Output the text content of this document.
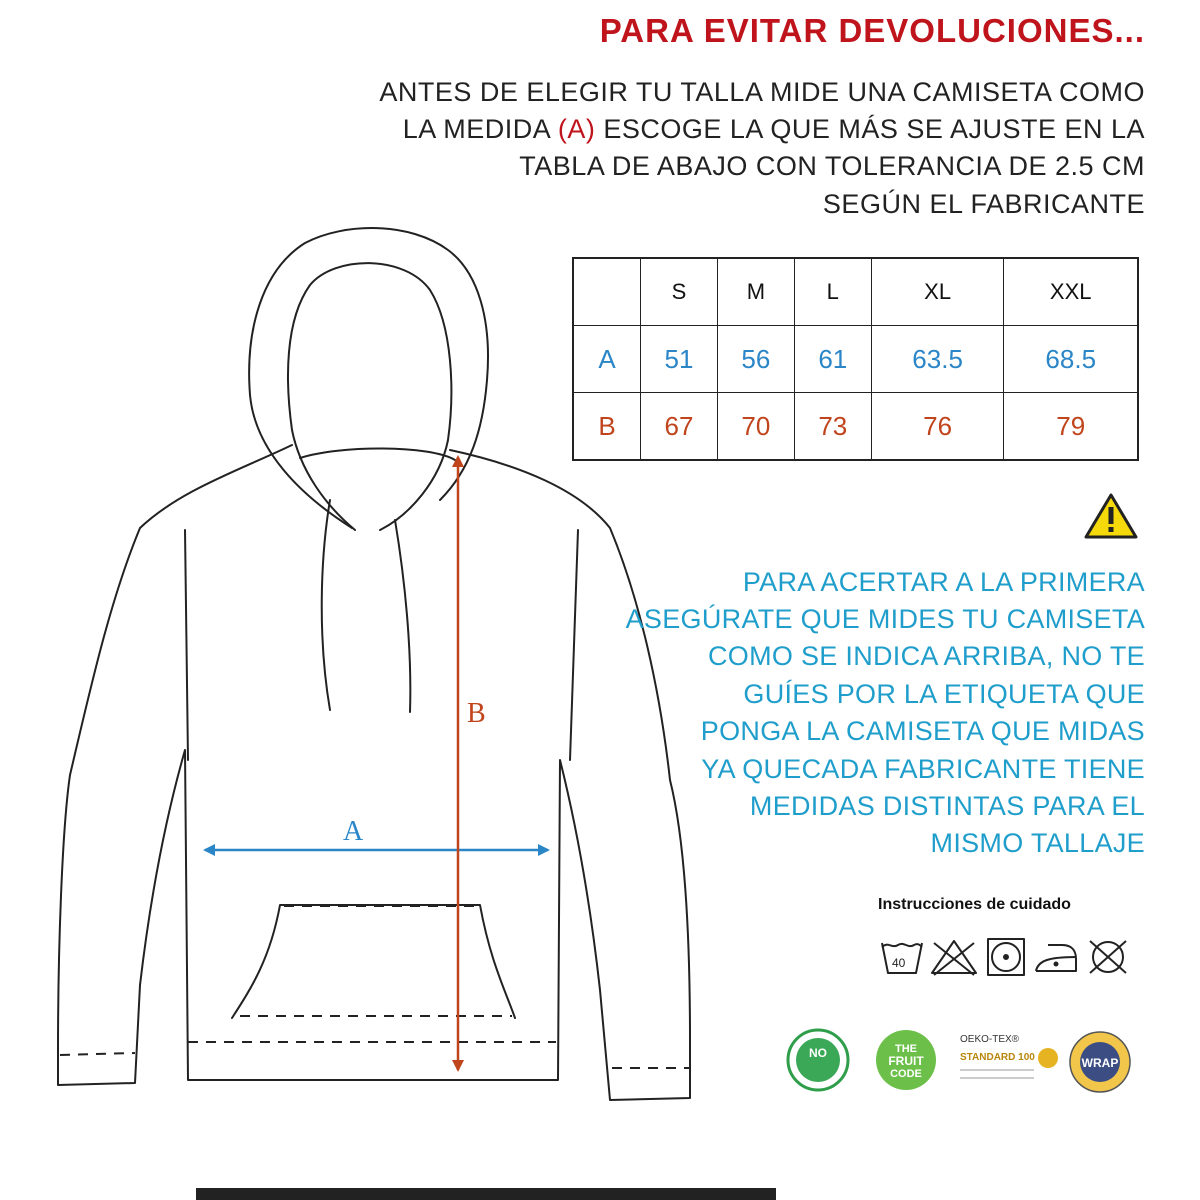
PARA EVITAR DEVOLUCIONES...
ANTES DE ELEGIR TU TALLA MIDE UNA CAMISETA COMO
LA MEDIDA (A) ESCOGE LA QUE MÁS SE AJUSTE EN LA
TABLA DE ABAJO CON TOLERANCIA DE 2.5 CM
SEGÚN EL FABRICANTE
	S	M	L	XL	XXL
A	51	56	61	63.5	68.5
B	67	70	73	76	79
A
B
PARA ACERTAR A LA PRIMERA
ASEGÚRATE QUE MIDES TU CAMISETA
COMO SE INDICA ARRIBA, NO TE
GUÍES POR LA ETIQUETA QUE
PONGA LA CAMISETA QUE MIDAS
YA QUECADA FABRICANTE TIENE
MEDIDAS DISTINTAS PARA EL
MISMO TALLAJE
Instrucciones de cuidado
40
NO	THE
FRUIT
CODE
OEKO-TEX®
STANDARD 100	WRAP
